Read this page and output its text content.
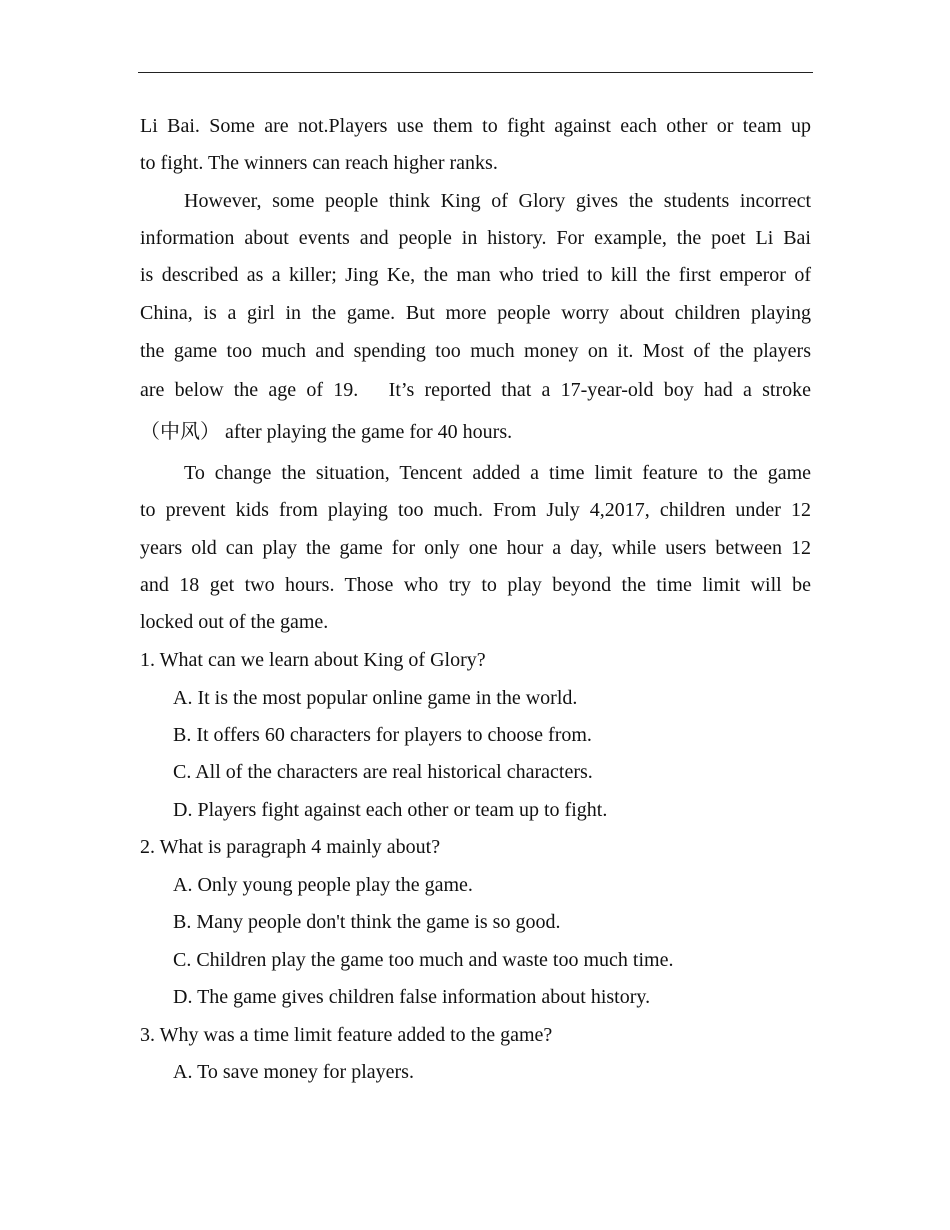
Li Bai. Some are not.Players use them to fight against each other or team up
to fight. The winners can reach higher ranks.
However, some people think King of Glory gives the students incorrect
information about events and people in history. For example, the poet Li Bai
is described as a killer; Jing Ke, the man who tried to kill the first emperor of
China, is a girl in the game. But more people worry about children playing
the game too much and spending too much money on it. Most of the players
are below the age of 19.　It’s reported that a 17-year-old boy had a stroke
（中风） after playing the game for 40 hours.
To change the situation, Tencent added a time limit feature to the game
to prevent kids from playing too much. From July 4,2017, children under 12
years old can play the game for only one hour a day, while users between 12
and 18 get two hours. Those who try to play beyond the time limit will be
locked out of the game.
1. What can we learn about King of Glory?
A. It is the most popular online game in the world.
B. It offers 60 characters for players to choose from.
C. All of the characters are real historical characters.
D. Players fight against each other or team up to fight.
2. What is paragraph 4 mainly about?
A. Only young people play the game.
B. Many people don't think the game is so good.
C. Children play the game too much and waste too much time.
D. The game gives children false information about history.
3. Why was a time limit feature added to the game?
A. To save money for players.
